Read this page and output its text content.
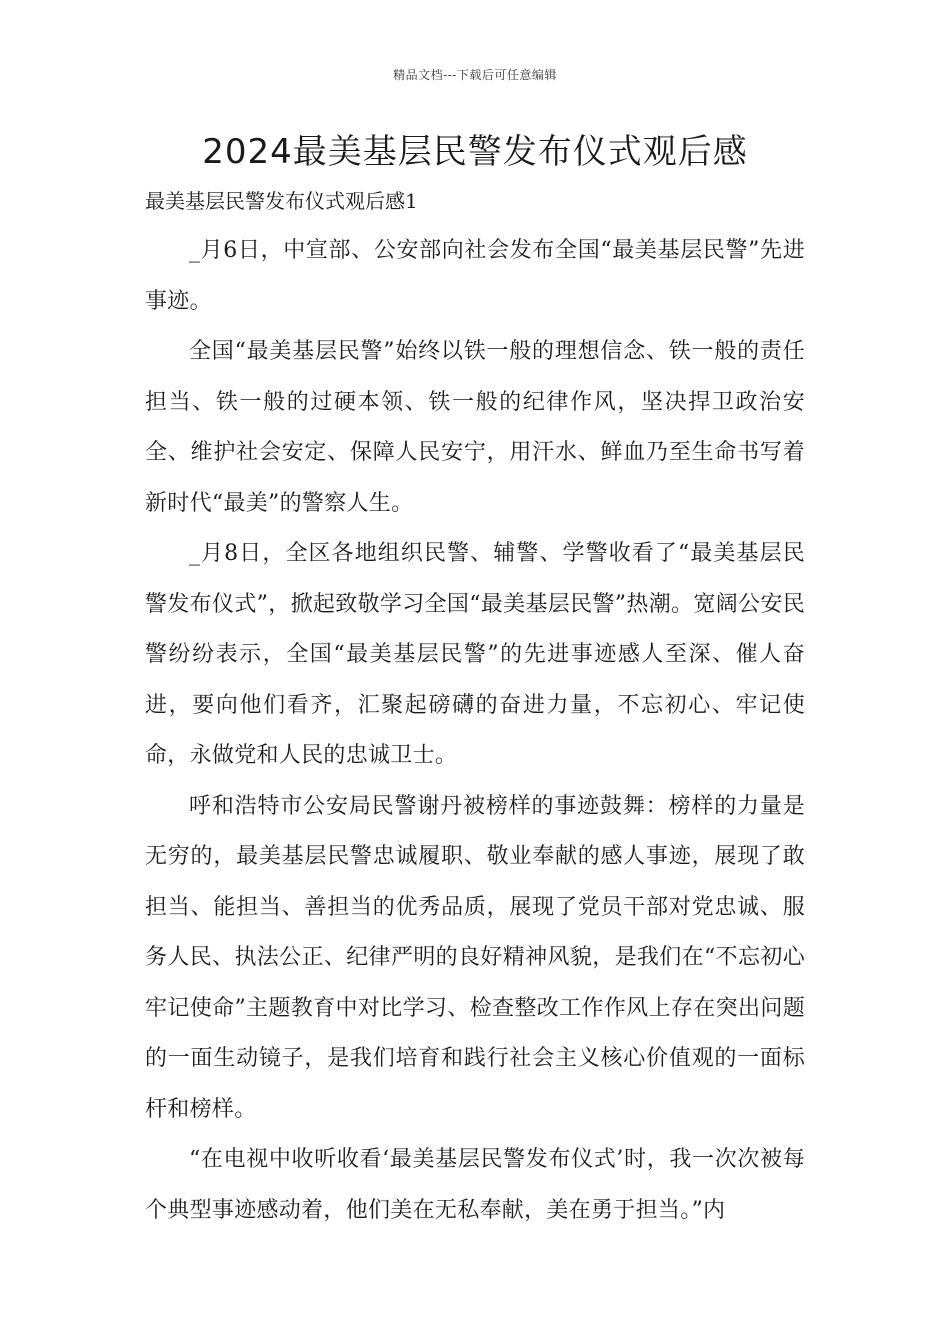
精品文档---下载后可任意编辑
2024最美基层民警发布仪式观后感

最美基层民警发布仪式观后感1

_月6日，中宣部、公安部向社会发布全国“最美基层民警”先进事迹。

全国“最美基层民警”始终以铁一般的理想信念、铁一般的责任担当、铁一般的过硬本领、铁一般的纪律作风，坚决捍卫政治安全、维护社会安定、保障人民安宁，用汗水、鲜血乃至生命书写着新时代“最美”的警察人生。

_月8日，全区各地组织民警、辅警、学警收看了“最美基层民警发布仪式”，掀起致敬学习全国“最美基层民警”热潮。宽阔公安民警纷纷表示，全国“最美基层民警”的先进事迹感人至深、催人奋进，要向他们看齐，汇聚起磅礴的奋进力量，不忘初心、牢记使命，永做党和人民的忠诚卫士。

呼和浩特市公安局民警谢丹被榜样的事迹鼓舞：榜样的力量是无穷的，最美基层民警忠诚履职、敬业奉献的感人事迹，展现了敢担当、能担当、善担当的优秀品质，展现了党员干部对党忠诚、服务人民、执法公正、纪律严明的良好精神风貌，是我们在“不忘初心牢记使命”主题教育中对比学习、检查整改工作作风上存在突出问题的一面生动镜子，是我们培育和践行社会主义核心价值观的一面标杆和榜样。

“在电视中收听收看‘最美基层民警发布仪式’时，我一次次被每个典型事迹感动着，他们美在无私奉献，美在勇于担当。”内
